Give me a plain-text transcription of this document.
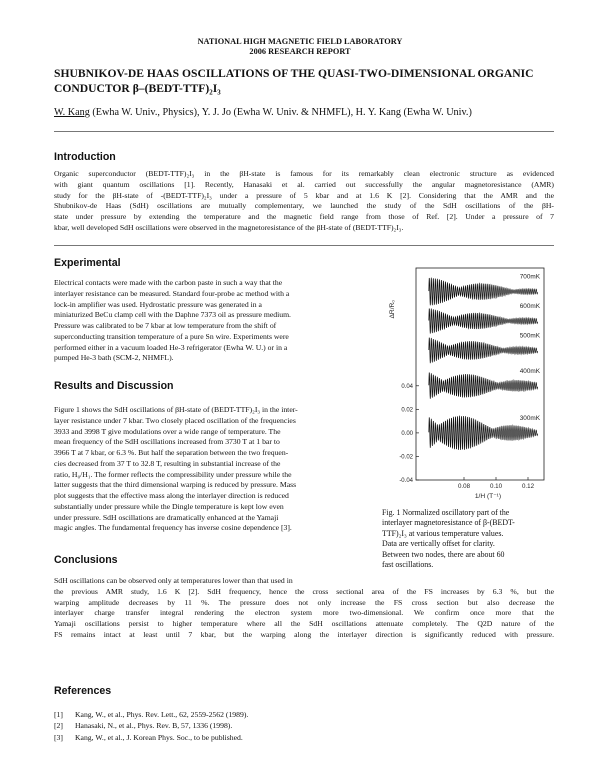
NATIONAL HIGH MAGNETIC FIELD LABORATORY
2006 RESEARCH REPORT
SHUBNIKOV-DE HAAS OSCILLATIONS OF THE QUASI-TWO-DIMENSIONAL ORGANIC
CONDUCTOR β–(BEDT-TTF)₂I₃
W. Kang (Ewha W. Univ., Physics), Y. J. Jo (Ewha W. Univ. & NHMFL), H. Y. Kang (Ewha W. Univ.)
Introduction
Organic superconductor (BEDT-TTF)₂I₃ in the βH-state is famous for its remarkably clean electronic structure as evidenced
with giant quantum oscillations [1]. Recently, Hanasaki et al. carried out successfully the angular magnetoresistance (AMR)
study for the βH-state of -(BEDT-TTF)₂I₃ under a pressure of 5 kbar and at 1.6 K [2]. Considering that the AMR and the
Shubnikov-de Haas (SdH) oscillations are mutually complementary, we launched the study of the SdH oscillations of the βH-
state under pressure by extending the temperature and the magnetic field range from those of Ref. [2]. Under a pressure of 7
kbar, well developed SdH oscillations were observed in the magnetoresistance of the βH-state of (BEDT-TTF)₂I₃.
Experimental
Electrical contacts were made with the carbon paste in such a way that the
interlayer resistance can be measured. Standard four-probe ac method with a
lock-in amplifier was used. Hydrostatic pressure was generated in a
miniaturized BeCu clamp cell with the Daphne 7373 oil as pressure medium.
Pressure was calibrated to be 7 kbar at low temperature from the shift of
superconducting transition temperature of a pure Sn wire. Experiments were
performed either in a vacuum loaded He-3 refrigerator (Ewha W. U.) or in a
pumped He-3 bath (SCM-2, NHMFL).
Results and Discussion
Figure 1 shows the SdH oscillations of βH-state of (BEDT-TTF)₂I₃ in the inter-
layer resistance under 7 kbar. Two closely placed oscillation of the frequencies
3933 and 3998 T give modulations over a wide range of temperature. The
mean frequency of the SdH oscillations increased from 3730 T at 1 bar to
3966 T at 7 kbar, or 6.3 %. But half the separation between the two frequen-
cies decreased from 37 T to 32.8 T, resulting in substantial increase of the
ratio, H₀/H₁. The former reflects the compressibility under pressure while the
latter suggests that the third dimensional warping is reduced by pressure. Mass
plot suggests that the effective mass along the interlayer direction is reduced
substantially under pressure while the Dingle temperature is kept low even
under pressure. SdH oscillations are dramatically enhanced at the Yamaji
magic angles. The fundamental frequency has inverse cosine dependence [3].
Conclusions
SdH oscillations can be observed only at temperatures lower than that used in
the previous AMR study, 1.6 K [2]. SdH frequency, hence the cross sectional area of the FS increases by 6.3 %, but the
warping amplitude decreases by 11 %. The pressure does not only increase the FS cross section but also decrease the
interlayer charge transfer integral rendering the electron system more two-dimensional. We confirm once more that the
Yamaji oscillations persist to higher temperature where all the SdH oscillations attenuate completely. The Q2D nature of the
FS remains intact at least until 7 kbar, but the warping along the interlayer direction is significantly reduced with pressure.
References
[1]	Kang, W., et al., Phys. Rev. Lett., 62, 2559-2562 (1989).
[2]	Hanasaki, N., et al., Phys. Rev. B, 57, 1336 (1998).
[3]	Kang, W., et al., J. Korean Phys. Soc., to be published.
0.08	0.10	0.12
0.04
0.02
0.00
-0.02
-0.04
1/H (T⁻¹)
ΔR/R₀
700mK
600mK
500mK
400mK
300mK
Fig. 1 Normalized oscillatory part of the
interlayer magnetoresistance of β-(BEDT-
TTF)₂I₃ at various temperature values.
Data are vertically offset for clarity.
Between two nodes, there are about 60
fast oscillations.
